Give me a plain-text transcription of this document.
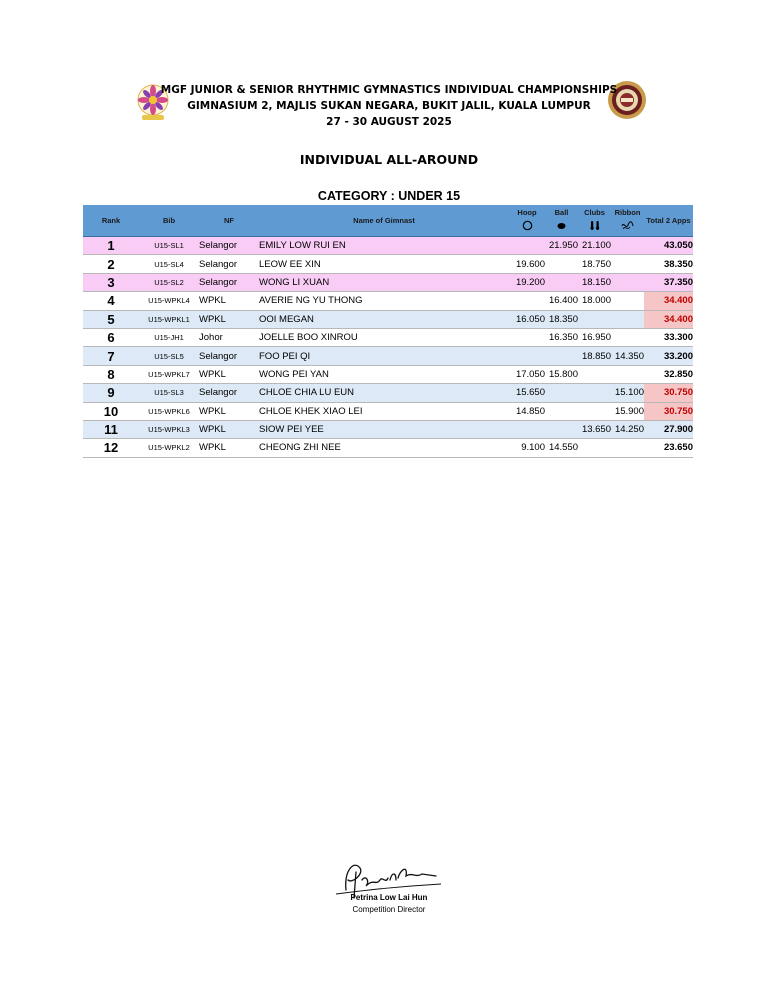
MGF JUNIOR & SENIOR RHYTHMIC GYMNASTICS INDIVIDUAL CHAMPIONSHIPS
GIMNASIUM 2, MAJLIS SUKAN NEGARA, BUKIT JALIL, KUALA LUMPUR
27 - 30 AUGUST 2025
INDIVIDUAL ALL-AROUND
CATEGORY : UNDER 15
Rank	Bib	NF	Name of Gimnast	Hoop	Ball	Clubs	Ribbon	Total 2 Apps
1	U15-SL1	Selangor	EMILY LOW RUI EN		21.950	21.100		43.050
2	U15-SL4	Selangor	LEOW EE XIN	19.600		18.750		38.350
3	U15-SL2	Selangor	WONG LI XUAN	19.200		18.150		37.350
4	U15-WPKL4	WPKL	AVERIE NG YU THONG		16.400	18.000		34.400
5	U15-WPKL1	WPKL	OOI MEGAN	16.050	18.350			34.400
6	U15-JH1	Johor	JOELLE BOO XINROU		16.350	16.950		33.300
7	U15-SL5	Selangor	FOO PEI QI			18.850	14.350	33.200
8	U15-WPKL7	WPKL	WONG PEI YAN	17.050	15.800			32.850
9	U15-SL3	Selangor	CHLOE CHIA LU EUN	15.650			15.100	30.750
10	U15-WPKL6	WPKL	CHLOE KHEK XIAO LEI	14.850			15.900	30.750
11	U15-WPKL3	WPKL	SIOW PEI YEE			13.650	14.250	27.900
12	U15-WPKL2	WPKL	CHEONG ZHI NEE	9.100	14.550			23.650
Petrina Low Lai Hun
Competition Director
